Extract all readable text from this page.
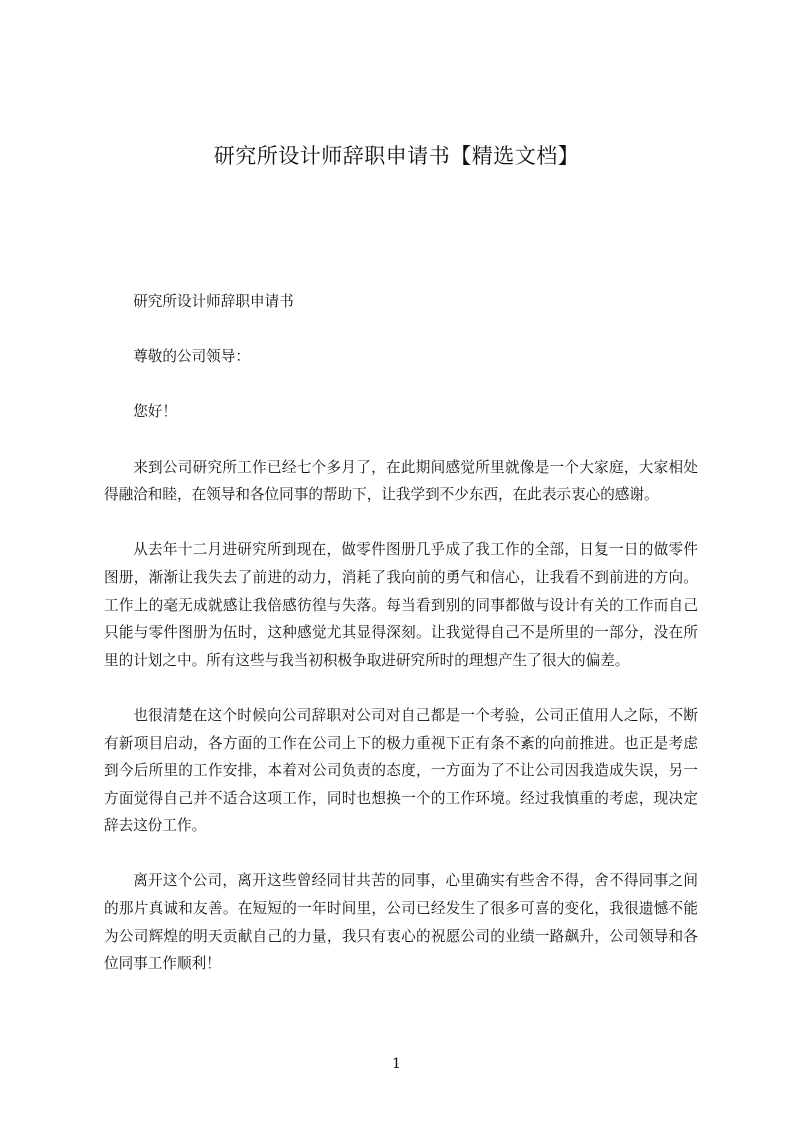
研究所设计师辞职申请书【精选文档】

研究所设计师辞职申请书

尊敬的公司领导：

您好！

来到公司研究所工作已经七个多月了，在此期间感觉所里就像是一个大家庭，大家相处得融洽和睦，在领导和各位同事的帮助下，让我学到不少东西，在此表示衷心的感谢。

从去年十二月进研究所到现在，做零件图册几乎成了我工作的全部，日复一日的做零件图册，渐渐让我失去了前进的动力，消耗了我向前的勇气和信心，让我看不到前进的方向。工作上的毫无成就感让我倍感彷徨与失落。每当看到别的同事都做与设计有关的工作而自己只能与零件图册为伍时，这种感觉尤其显得深刻。让我觉得自己不是所里的一部分，没在所里的计划之中。所有这些与我当初积极争取进研究所时的理想产生了很大的偏差。

也很清楚在这个时候向公司辞职对公司对自己都是一个考验，公司正值用人之际，不断有新项目启动，各方面的工作在公司上下的极力重视下正有条不紊的向前推进。也正是考虑到今后所里的工作安排，本着对公司负责的态度，一方面为了不让公司因我造成失误，另一方面觉得自己并不适合这项工作，同时也想换一个的工作环境。经过我慎重的考虑，现决定辞去这份工作。

离开这个公司，离开这些曾经同甘共苦的同事，心里确实有些舍不得，舍不得同事之间的那片真诚和友善。在短短的一年时间里，公司已经发生了很多可喜的变化，我很遗憾不能为公司辉煌的明天贡献自己的力量，我只有衷心的祝愿公司的业绩一路飙升，公司领导和各位同事工作顺利！

1
